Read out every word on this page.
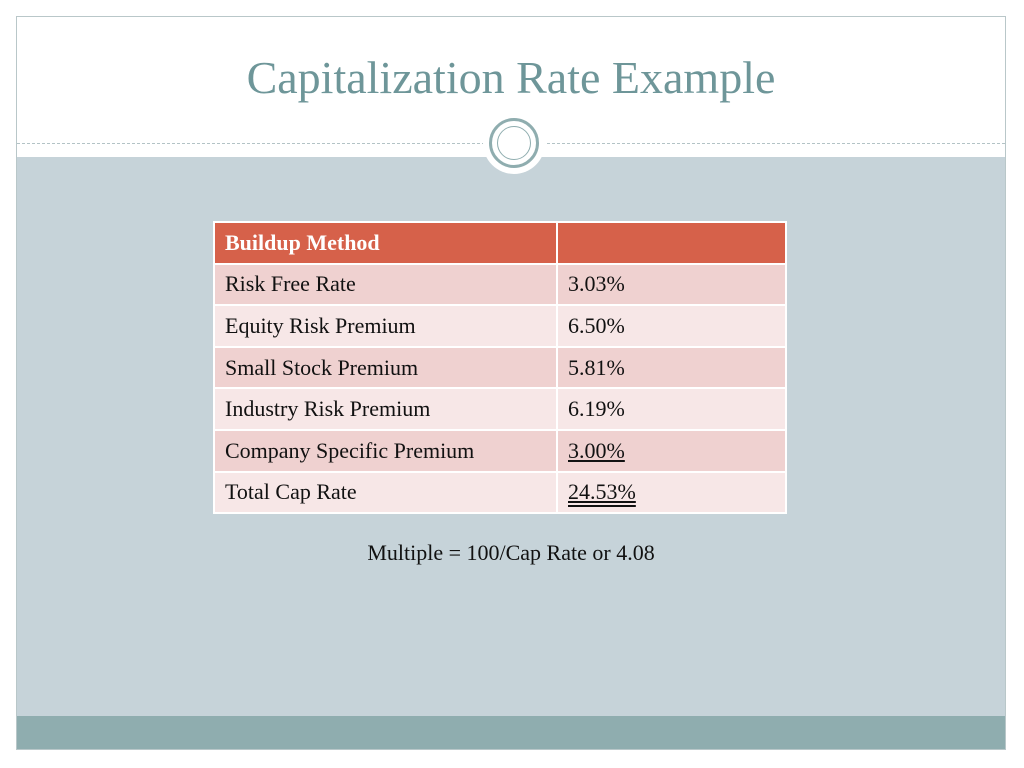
Capitalization Rate Example
Buildup Method	
Risk Free Rate	3.03%
Equity Risk Premium	6.50%
Small Stock Premium	5.81%
Industry Risk Premium	6.19%
Company Specific Premium	3.00%
Total Cap Rate	24.53%
Multiple = 100/Cap Rate or 4.08
